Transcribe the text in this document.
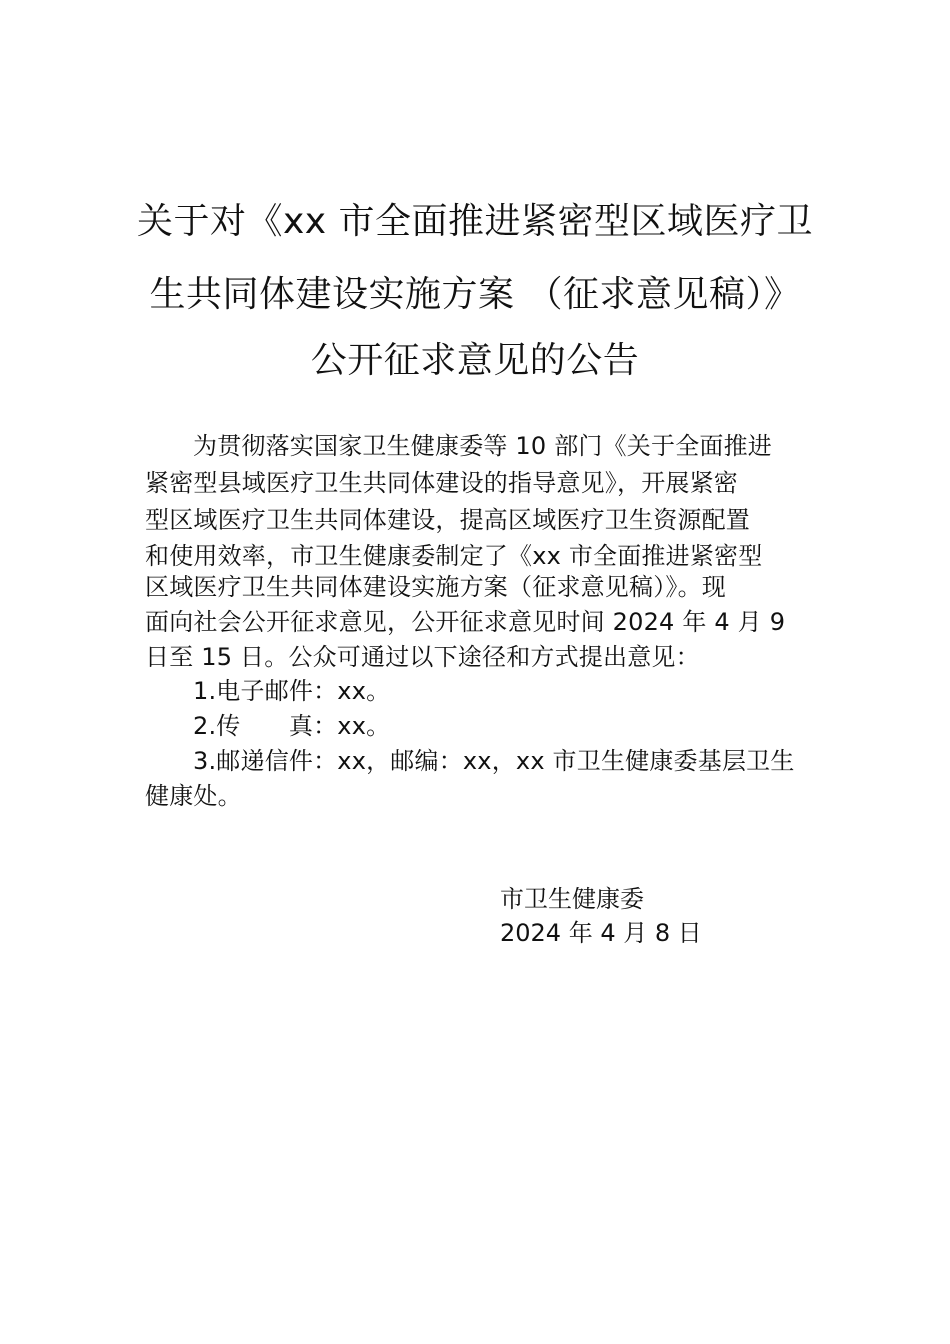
关于对《xx 市全面推进紧密型区域医疗卫
生共同体建设实施方案 （征求意见稿）》
公开征求意见的公告
为贯彻落实国家卫生健康委等 10 部门《关于全面推进
紧密型县域医疗卫生共同体建设的指导意见》，开展紧密
型区域医疗卫生共同体建设，提高区域医疗卫生资源配置
和使用效率，市卫生健康委制定了《xx 市全面推进紧密型
区域医疗卫生共同体建设实施方案（征求意见稿）》。现
面向社会公开征求意见，公开征求意见时间 2024 年 4 月 9
日至 15 日。公众可通过以下途径和方式提出意见：
1.电子邮件：xx。
2.传　　真：xx。
3.邮递信件：xx，邮编：xx，xx 市卫生健康委基层卫生
健康处。
市卫生健康委
2024 年 4 月 8 日
